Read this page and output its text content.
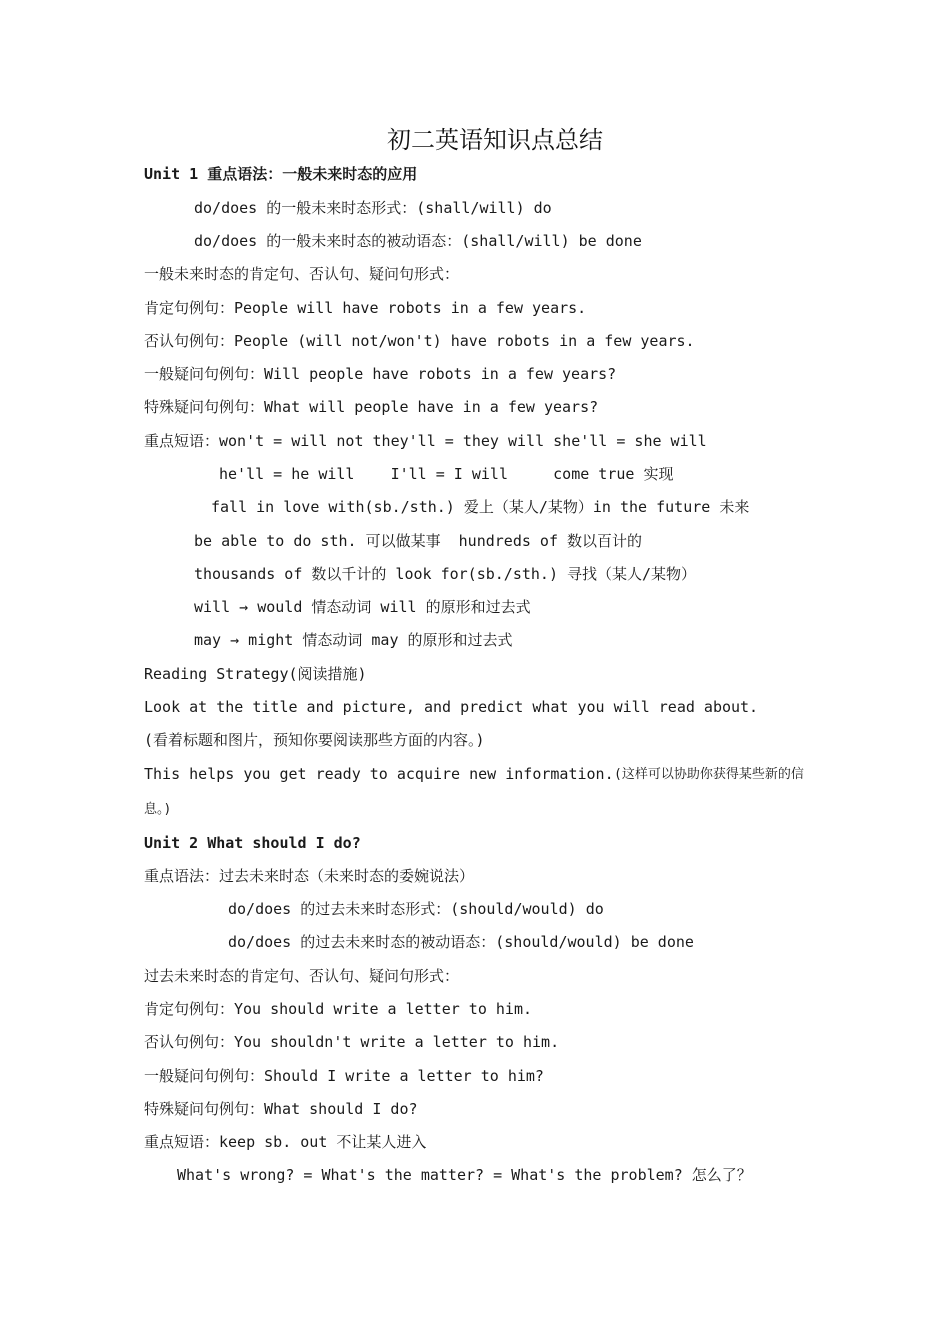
初二英语知识点总结
Unit 1 重点语法：一般未来时态的应用
do/does 的一般未来时态形式：(shall/will) do
do/does 的一般未来时态的被动语态：(shall/will) be done
一般未来时态的肯定句、否认句、疑问句形式：
肯定句例句：People will have robots in a few years.
否认句例句：People (will not/won't) have robots in a few years.
一般疑问句例句：Will people have robots in a few years?
特殊疑问句例句：What will people have in a few years?
重点短语：won't = will not they'll = they will she'll = she will
he'll = he will    I'll = I will     come true 实现
fall in love with(sb./sth.) 爱上（某人/某物）in the future 未来
be able to do sth. 可以做某事  hundreds of 数以百计的
thousands of 数以千计的 look for(sb./sth.) 寻找（某人/某物）
will → would 情态动词 will 的原形和过去式
may → might 情态动词 may 的原形和过去式
Reading Strategy(阅读措施)
Look at the title and picture, and predict what you will read about.
(看着标题和图片，预知你要阅读那些方面的内容。)
This helps you get ready to acquire new information. (这样可以协助你获得某些新的信
息。)
Unit 2 What should I do?
重点语法：过去未来时态（未来时态的委婉说法）
do/does 的过去未来时态形式：(should/would) do
do/does 的过去未来时态的被动语态：(should/would) be done
过去未来时态的肯定句、否认句、疑问句形式：
肯定句例句：You should write a letter to him.
否认句例句：You shouldn't write a letter to him.
一般疑问句例句：Should I write a letter to him?
特殊疑问句例句：What should I do?
重点短语：keep sb. out 不让某人进入
What's wrong? = What's the matter? = What's the problem? 怎么了？
